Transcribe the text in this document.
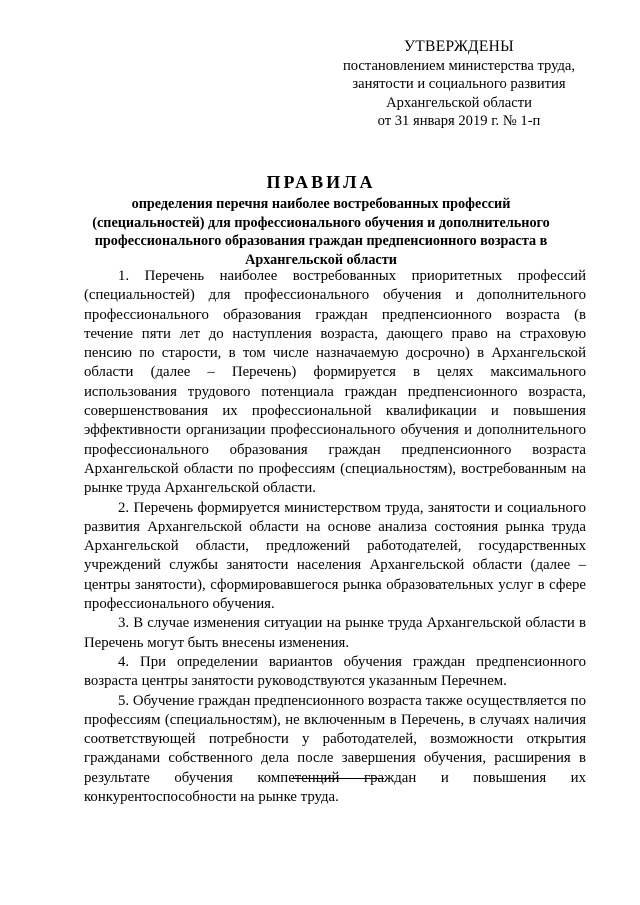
УТВЕРЖДЕНЫ
постановлением министерства труда,
занятости и социального развития
Архангельской области
от 31 января 2019 г. № 1-п
ПРАВИЛА
определения перечня наиболее востребованных профессий (специальностей) для профессионального обучения и дополнительного профессионального образования граждан предпенсионного возраста в Архангельской области

1. Перечень наиболее востребованных приоритетных профессий (специальностей) для профессионального обучения и дополнительного профессионального образования граждан предпенсионного возраста (в течение пяти лет до наступления возраста, дающего право на страховую пенсию по старости, в том числе назначаемую досрочно) в Архангельской области (далее – Перечень) формируется в целях максимального использования трудового потенциала граждан предпенсионного возраста, совершенствования их профессиональной квалификации и повышения эффективности организации профессионального обучения и дополнительного профессионального образования граждан предпенсионного возраста Архангельской области по профессиям (специальностям), востребованным на рынке труда Архангельской области.

2. Перечень формируется министерством труда, занятости и социального развития Архангельской области на основе анализа состояния рынка труда Архангельской области, предложений работодателей, государственных учреждений службы занятости населения Архангельской области (далее – центры занятости), сформировавшегося рынка образовательных услуг в сфере профессионального обучения.

3. В случае изменения ситуации на рынке труда Архангельской области в Перечень могут быть внесены изменения.

4. При определении вариантов обучения граждан предпенсионного возраста центры занятости руководствуются указанным Перечнем.

5. Обучение граждан предпенсионного возраста также осуществляется по профессиям (специальностям), не включенным в Перечень, в случаях наличия соответствующей потребности у работодателей, возможности открытия гражданами собственного дела после завершения обучения, расширения в результате обучения компетенций граждан и повышения их конкурентоспособности на рынке труда.
